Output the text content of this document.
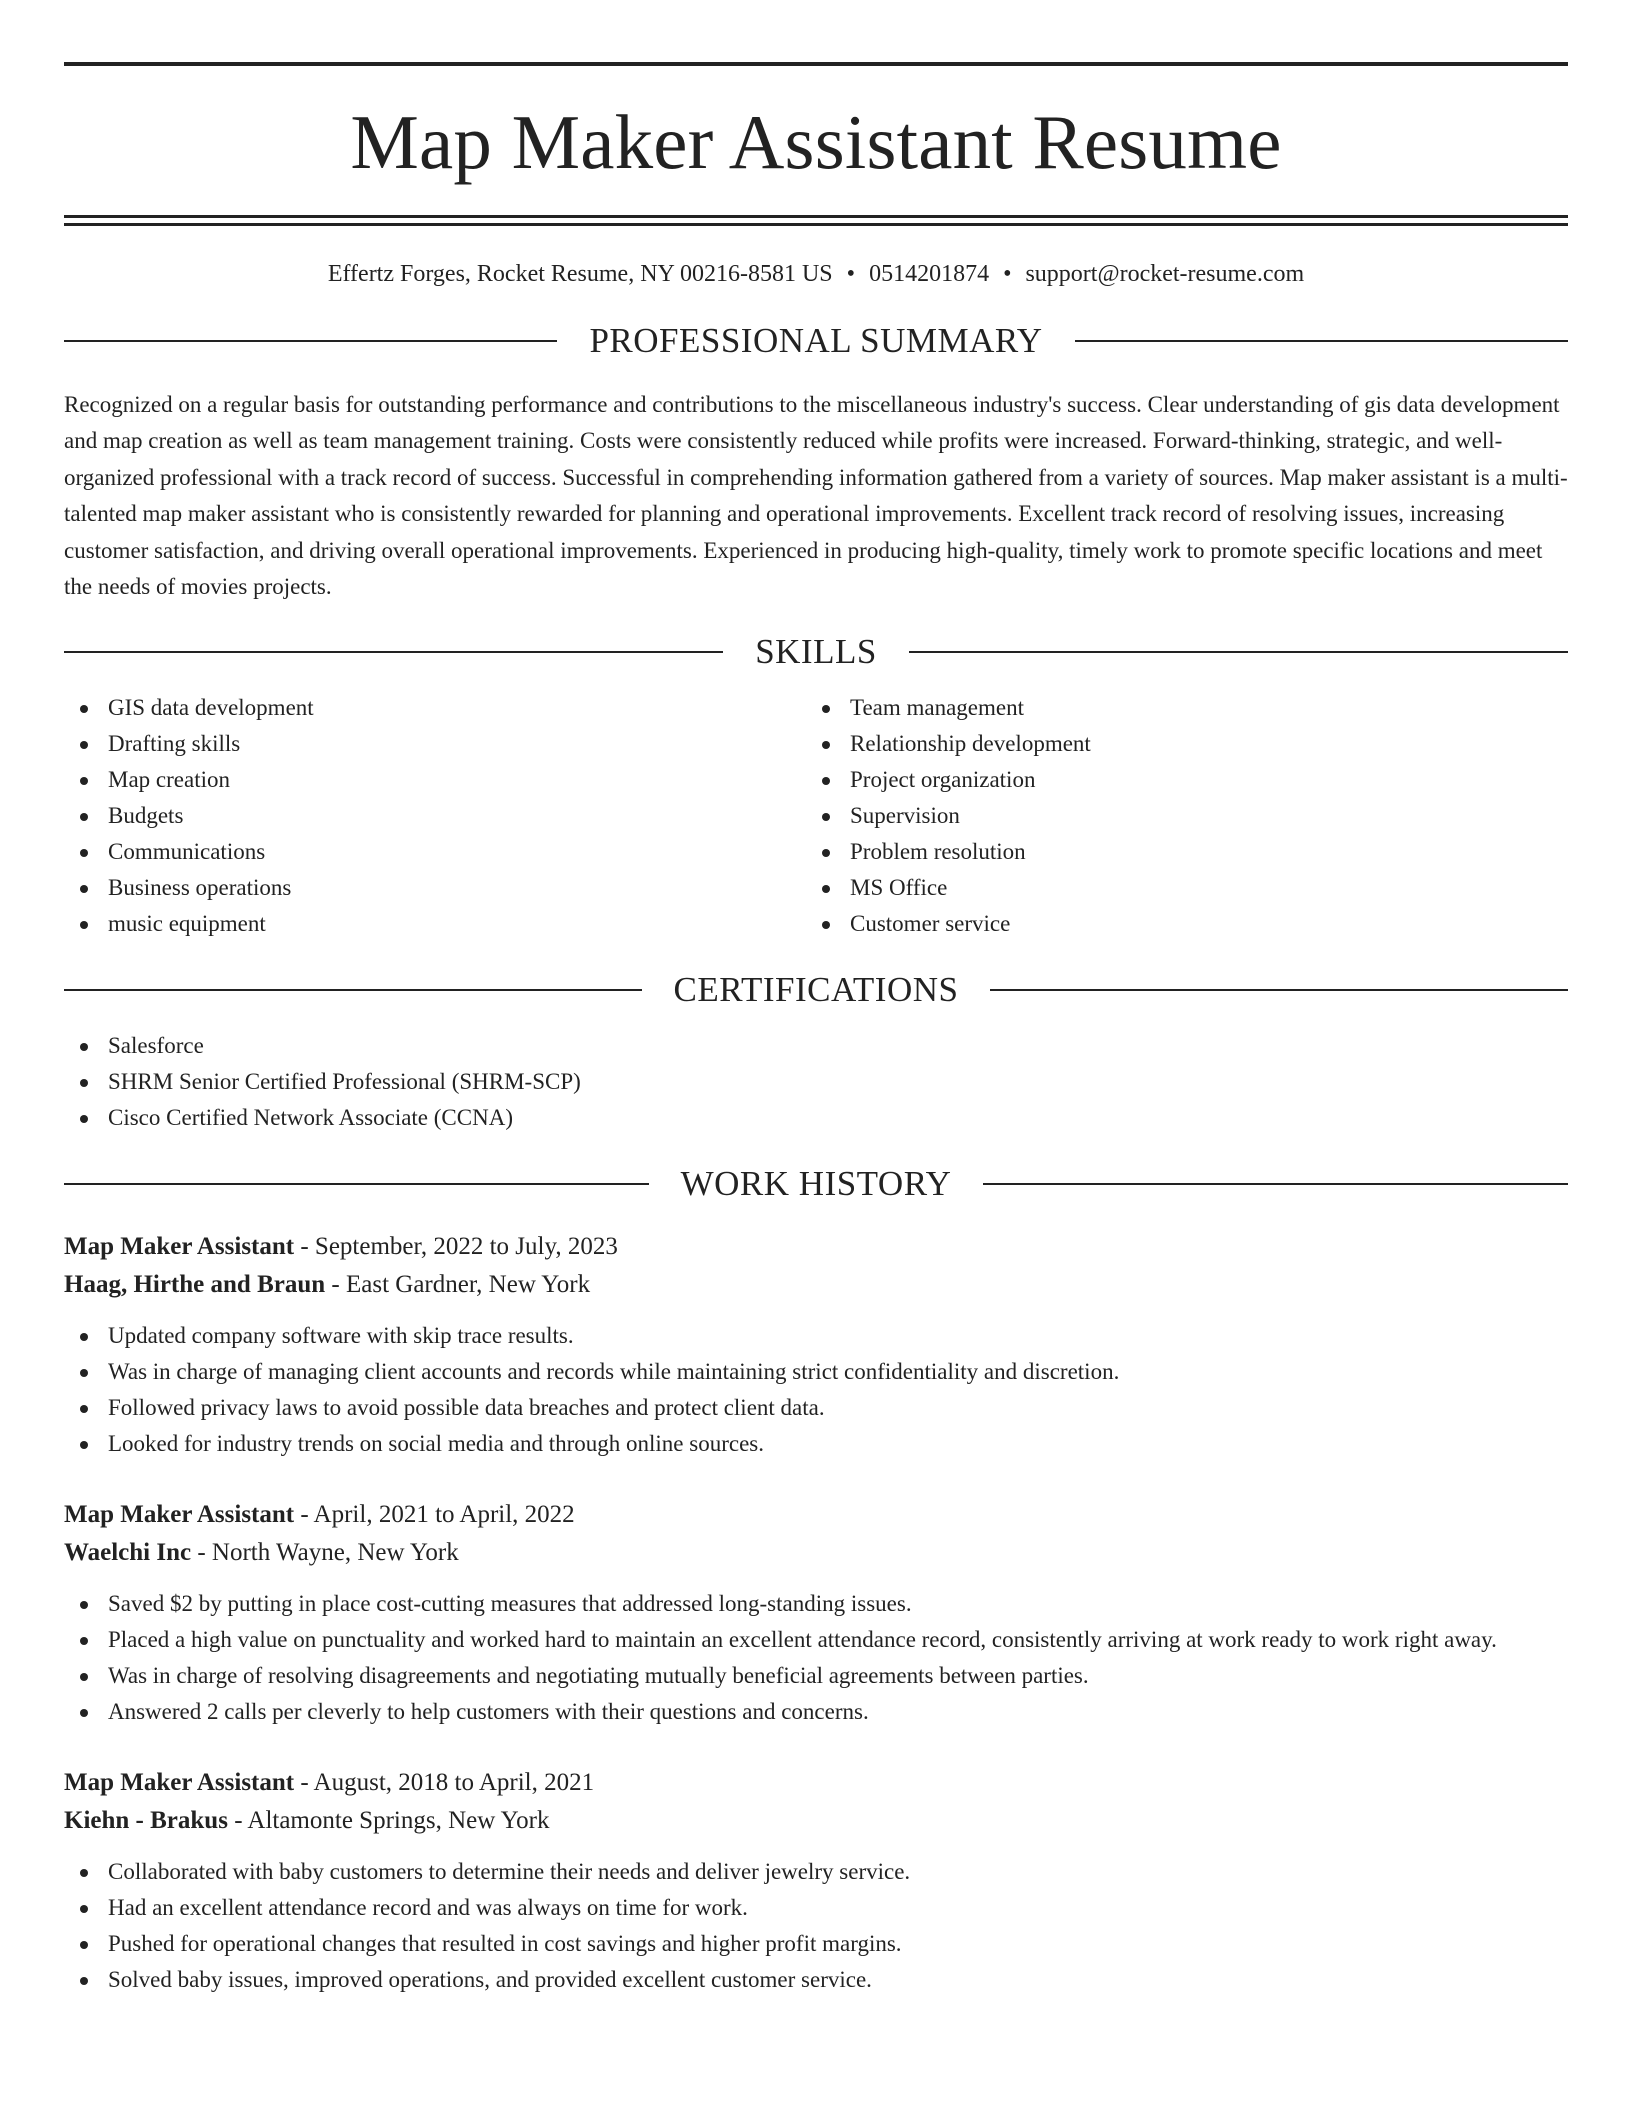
Map Maker Assistant Resume
Effertz Forges, Rocket Resume, NY 00216-8581 US • 0514201874 • support@rocket-resume.com
PROFESSIONAL SUMMARY

Recognized on a regular basis for outstanding performance and contributions to the miscellaneous industry's success. Clear understanding of gis data development and map creation as well as team management training. Costs were consistently reduced while profits were increased. Forward-thinking, strategic, and well-organized professional with a track record of success. Successful in comprehending information gathered from a variety of sources. Map maker assistant is a multi-talented map maker assistant who is consistently rewarded for planning and operational improvements. Excellent track record of resolving issues, increasing customer satisfaction, and driving overall operational improvements. Experienced in producing high-quality, timely work to promote specific locations and meet the needs of movies projects.

SKILLS
GIS data development
Drafting skills
Map creation
Budgets
Communications
Business operations
music equipment
Team management
Relationship development
Project organization
Supervision
Problem resolution
MS Office
Customer service
CERTIFICATIONS
Salesforce
SHRM Senior Certified Professional (SHRM-SCP)
Cisco Certified Network Associate (CCNA)
WORK HISTORY
Map Maker Assistant - September, 2022 to July, 2023
Haag, Hirthe and Braun - East Gardner, New York
Updated company software with skip trace results.
Was in charge of managing client accounts and records while maintaining strict confidentiality and discretion.
Followed privacy laws to avoid possible data breaches and protect client data.
Looked for industry trends on social media and through online sources.
Map Maker Assistant - April, 2021 to April, 2022
Waelchi Inc - North Wayne, New York
Saved $2 by putting in place cost-cutting measures that addressed long-standing issues.
Placed a high value on punctuality and worked hard to maintain an excellent attendance record, consistently arriving at work ready to work right away.
Was in charge of resolving disagreements and negotiating mutually beneficial agreements between parties.
Answered 2 calls per cleverly to help customers with their questions and concerns.
Map Maker Assistant - August, 2018 to April, 2021
Kiehn - Brakus - Altamonte Springs, New York
Collaborated with baby customers to determine their needs and deliver jewelry service.
Had an excellent attendance record and was always on time for work.
Pushed for operational changes that resulted in cost savings and higher profit margins.
Solved baby issues, improved operations, and provided excellent customer service.
